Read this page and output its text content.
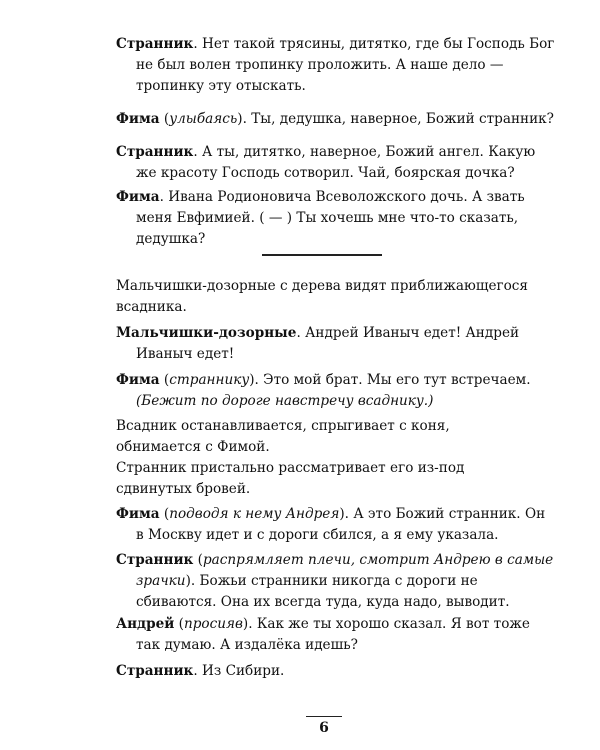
Странник. Нет такой трясины, дитятко, где бы Господь Бог не был волен тропинку проложить. А наше дело — тропинку эту отыскать.

Фима (улыбаясь). Ты, дедушка, наверное, Божий странник?

Странник. А ты, дитятко, наверное, Божий ангел. Какую же красоту Господь сотворил. Чай, боярская дочка?

Фима. Ивана Родионовича Всеволожского дочь. А звать меня Евфимией. ( — ) Ты хочешь мне что-то сказать, дедушка?

Мальчишки-дозорные с дерева видят приближающегося всадника.

Мальчишки-дозорные. Андрей Иваныч едет! Андрей Иваныч едет!

Фима (страннику). Это мой брат. Мы его тут встречаем. (Бежит по дороге навстречу всаднику.)

Всадник останавливается, спрыгивает с коня, обнимается с Фимой.

Странник пристально рассматривает его из-под сдвинутых бровей.

Фима (подводя к нему Андрея). А это Божий странник. Он в Москву идет и с дороги сбился, а я ему указала.

Странник (распрямляет плечи, смотрит Андрею в самые зрачки). Божьи странники никогда с дороги не сбиваются. Она их всегда туда, куда надо, выводит.

Андрей (просияв). Как же ты хорошо сказал. Я вот тоже так думаю. А издалёка идешь?

Странник. Из Сибири.

6
